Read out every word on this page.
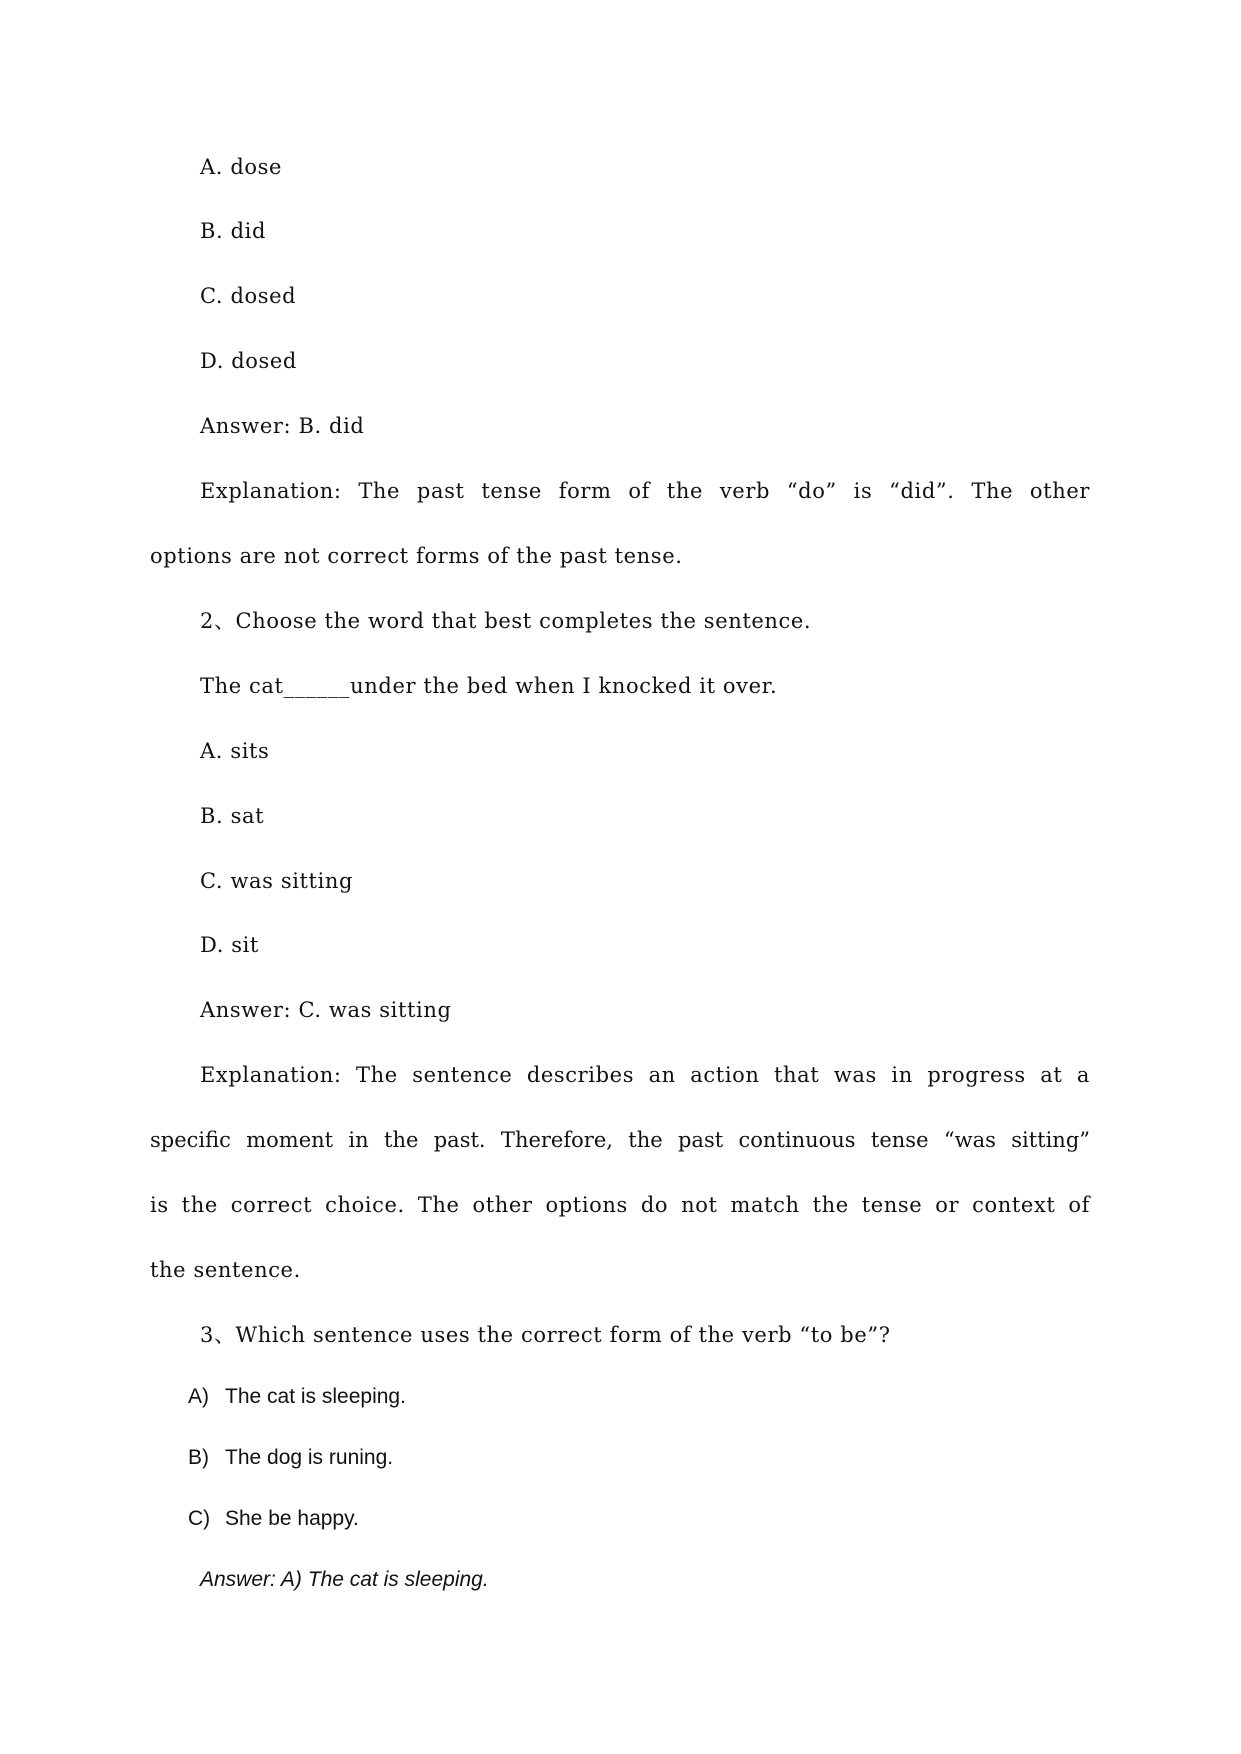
A. dose
B. did
C. dosed
D. dosed
Answer: B. did
Explanation: The past tense form of the verb “do” is “did”. The other
options are not correct forms of the past tense.
2、Choose the word that best completes the sentence.
The cat______under the bed when I knocked it over.
A. sits
B. sat
C. was sitting
D. sit
Answer: C. was sitting
Explanation: The sentence describes an action that was in progress at a
specific moment in the past. Therefore, the past continuous tense “was sitting”
is the correct choice. The other options do not match the tense or context of
the sentence.
3、Which sentence uses the correct form of the verb “to be”?
A) The cat is sleeping.
B) The dog is runing.
C) She be happy.
Answer: A) The cat is sleeping.
